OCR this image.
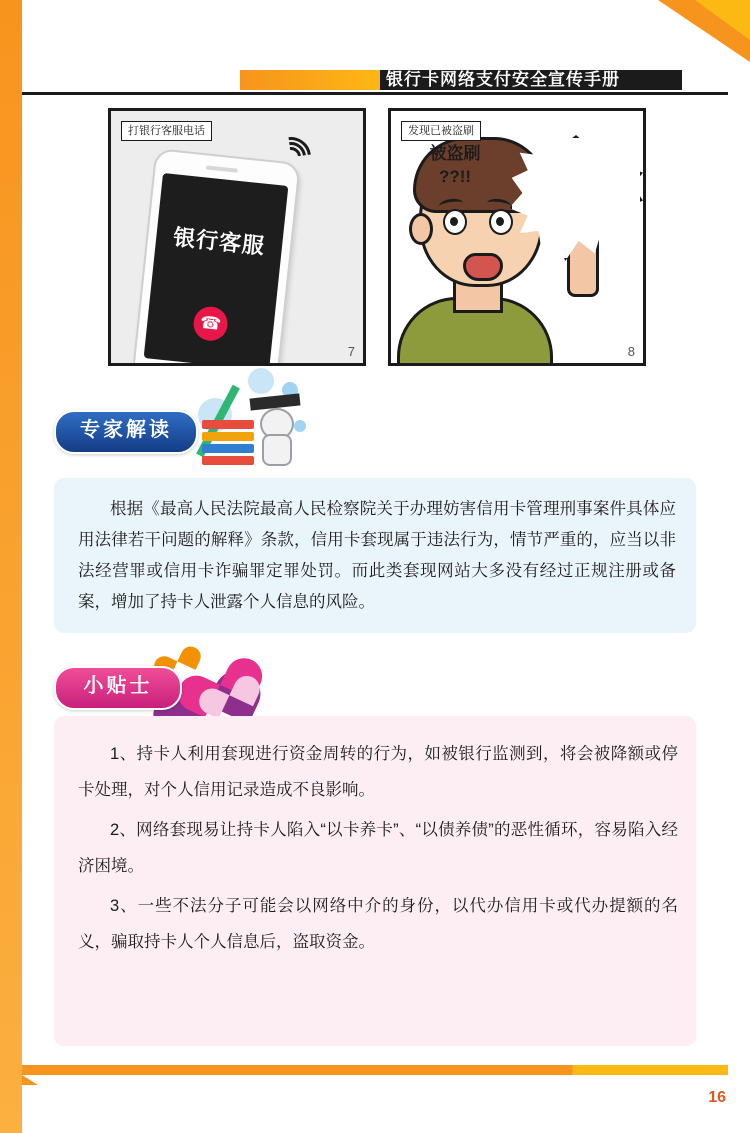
银行卡网络支付安全宣传手册
银行客服
☎
打银行客服电话
7
被盗刷
??!!
发现已被盗刷
8
专家解读
根据《最高人民法院最高人民检察院关于办理妨害信用卡管理刑事案件具体应用法律若干问题的解释》条款，信用卡套现属于违法行为，情节严重的，应当以非法经营罪或信用卡诈骗罪定罪处罚。而此类套现网站大多没有经过正规注册或备案，增加了持卡人泄露个人信息的风险。
小贴士

1、持卡人利用套现进行资金周转的行为，如被银行监测到，将会被降额或停卡处理，对个人信用记录造成不良影响。

2、网络套现易让持卡人陷入“以卡养卡”、“以债养债”的恶性循环，容易陷入经济困境。

3、一些不法分子可能会以网络中介的身份，以代办信用卡或代办提额的名义，骗取持卡人个人信息后，盗取资金。

16
